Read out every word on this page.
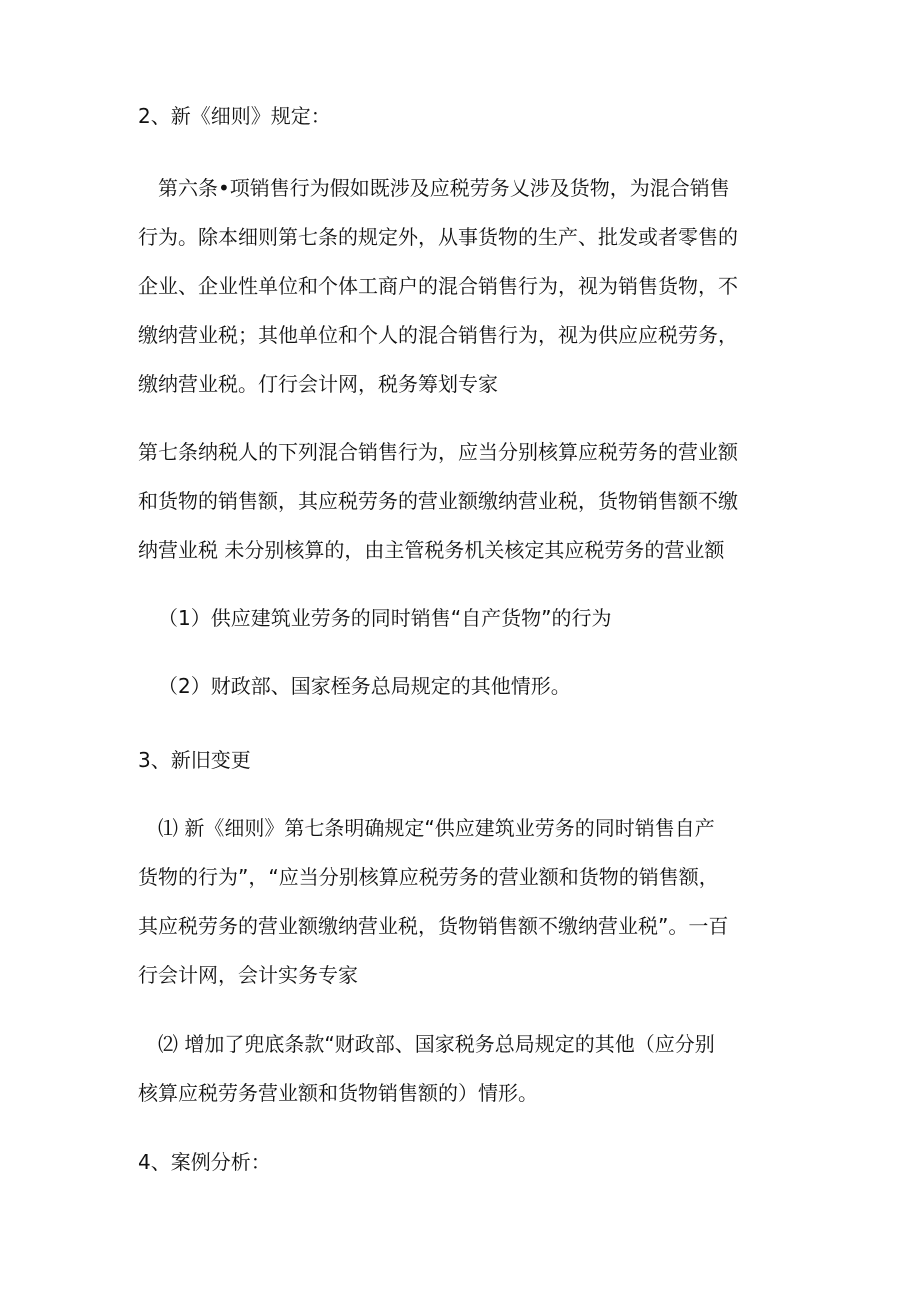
2、新《细则》规定：
第六条•项销售行为假如既涉及应税劳务乂涉及货物，为混合销售
行为。除本细则第七条的规定外，从事货物的生产、批发或者零售的
企业、企业性单位和个体工商户的混合销售行为，视为销售货物，不
缴纳营业税；其他单位和个人的混合销售行为，视为供应应税劳务，
缴纳营业税。仃行会计网，税务筹划专家
第七条纳税人的下列混合销售行为，应当分别核算应税劳务的营业额
和货物的销售额，其应税劳务的营业额缴纳营业税，货物销售额不缴
纳营业税 未分别核算的，由主管税务机关核定其应税劳务的营业额
（1）供应建筑业劳务的同时销售“自产货物”的行为
（2）财政部、国家桎务总局规定的其他情形。
3、新旧变更
⑴ 新《细则》第七条明确规定“供应建筑业劳务的同时销售自产
货物的行为”，“应当分别核算应税劳务的营业额和货物的销售额，
其应税劳务的营业额缴纳营业税，货物销售额不缴纳营业税”。一百
行会计网，会计实务专家
⑵ 增加了兜底条款“财政部、国家税务总局规定的其他（应分别
核算应税劳务营业额和货物销售额的）情形。
4、案例分析：
